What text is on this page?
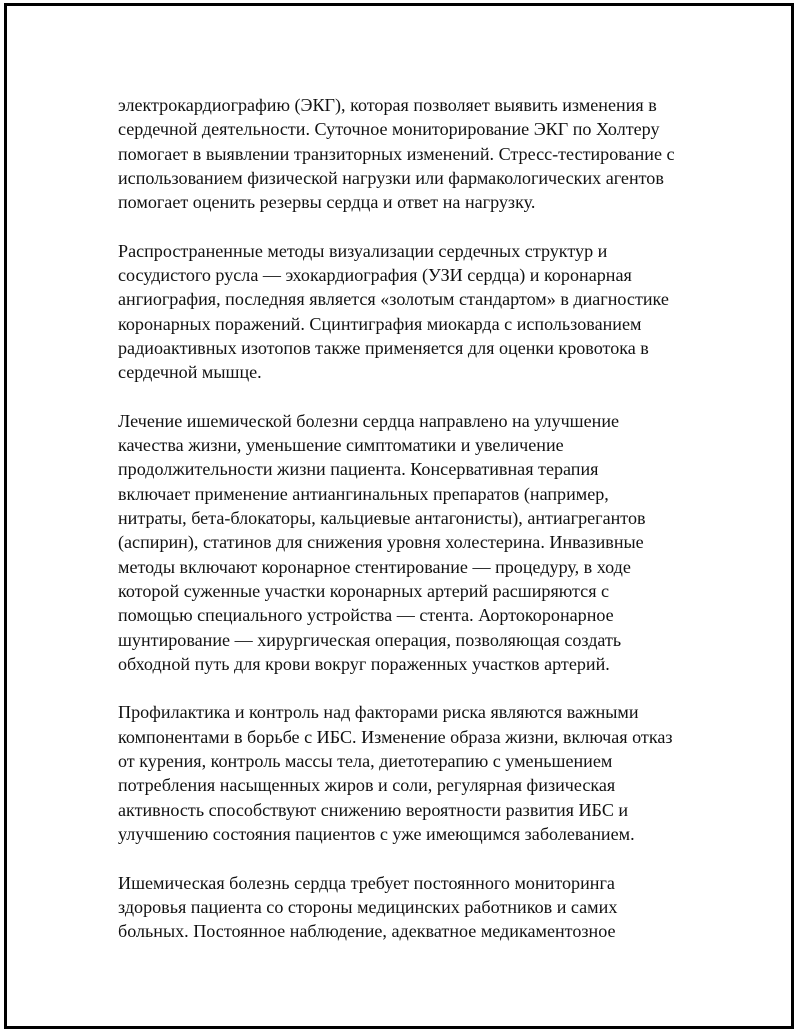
электрокардиографию (ЭКГ), которая позволяет выявить изменения в
сердечной деятельности. Суточное мониторирование ЭКГ по Холтеру
помогает в выявлении транзиторных изменений. Стресс-тестирование с
использованием физической нагрузки или фармакологических агентов
помогает оценить резервы сердца и ответ на нагрузку.

Распространенные методы визуализации сердечных структур и
сосудистого русла — эхокардиография (УЗИ сердца) и коронарная
ангиография, последняя является «золотым стандартом» в диагностике
коронарных поражений. Сцинтиграфия миокарда с использованием
радиоактивных изотопов также применяется для оценки кровотока в
сердечной мышце.

Лечение ишемической болезни сердца направлено на улучшение
качества жизни, уменьшение симптоматики и увеличение
продолжительности жизни пациента. Консервативная терапия
включает применение антиангинальных препаратов (например,
нитраты, бета-блокаторы, кальциевые антагонисты), антиагрегантов
(аспирин), статинов для снижения уровня холестерина. Инвазивные
методы включают коронарное стентирование — процедуру, в ходе
которой суженные участки коронарных артерий расширяются с
помощью специального устройства — стента. Аортокоронарное
шунтирование — хирургическая операция, позволяющая создать
обходной путь для крови вокруг пораженных участков артерий.

Профилактика и контроль над факторами риска являются важными
компонентами в борьбе с ИБС. Изменение образа жизни, включая отказ
от курения, контроль массы тела, диетотерапию с уменьшением
потребления насыщенных жиров и соли, регулярная физическая
активность способствуют снижению вероятности развития ИБС и
улучшению состояния пациентов с уже имеющимся заболеванием.

Ишемическая болезнь сердца требует постоянного мониторинга
здоровья пациента со стороны медицинских работников и самих
больных. Постоянное наблюдение, адекватное медикаментозное
